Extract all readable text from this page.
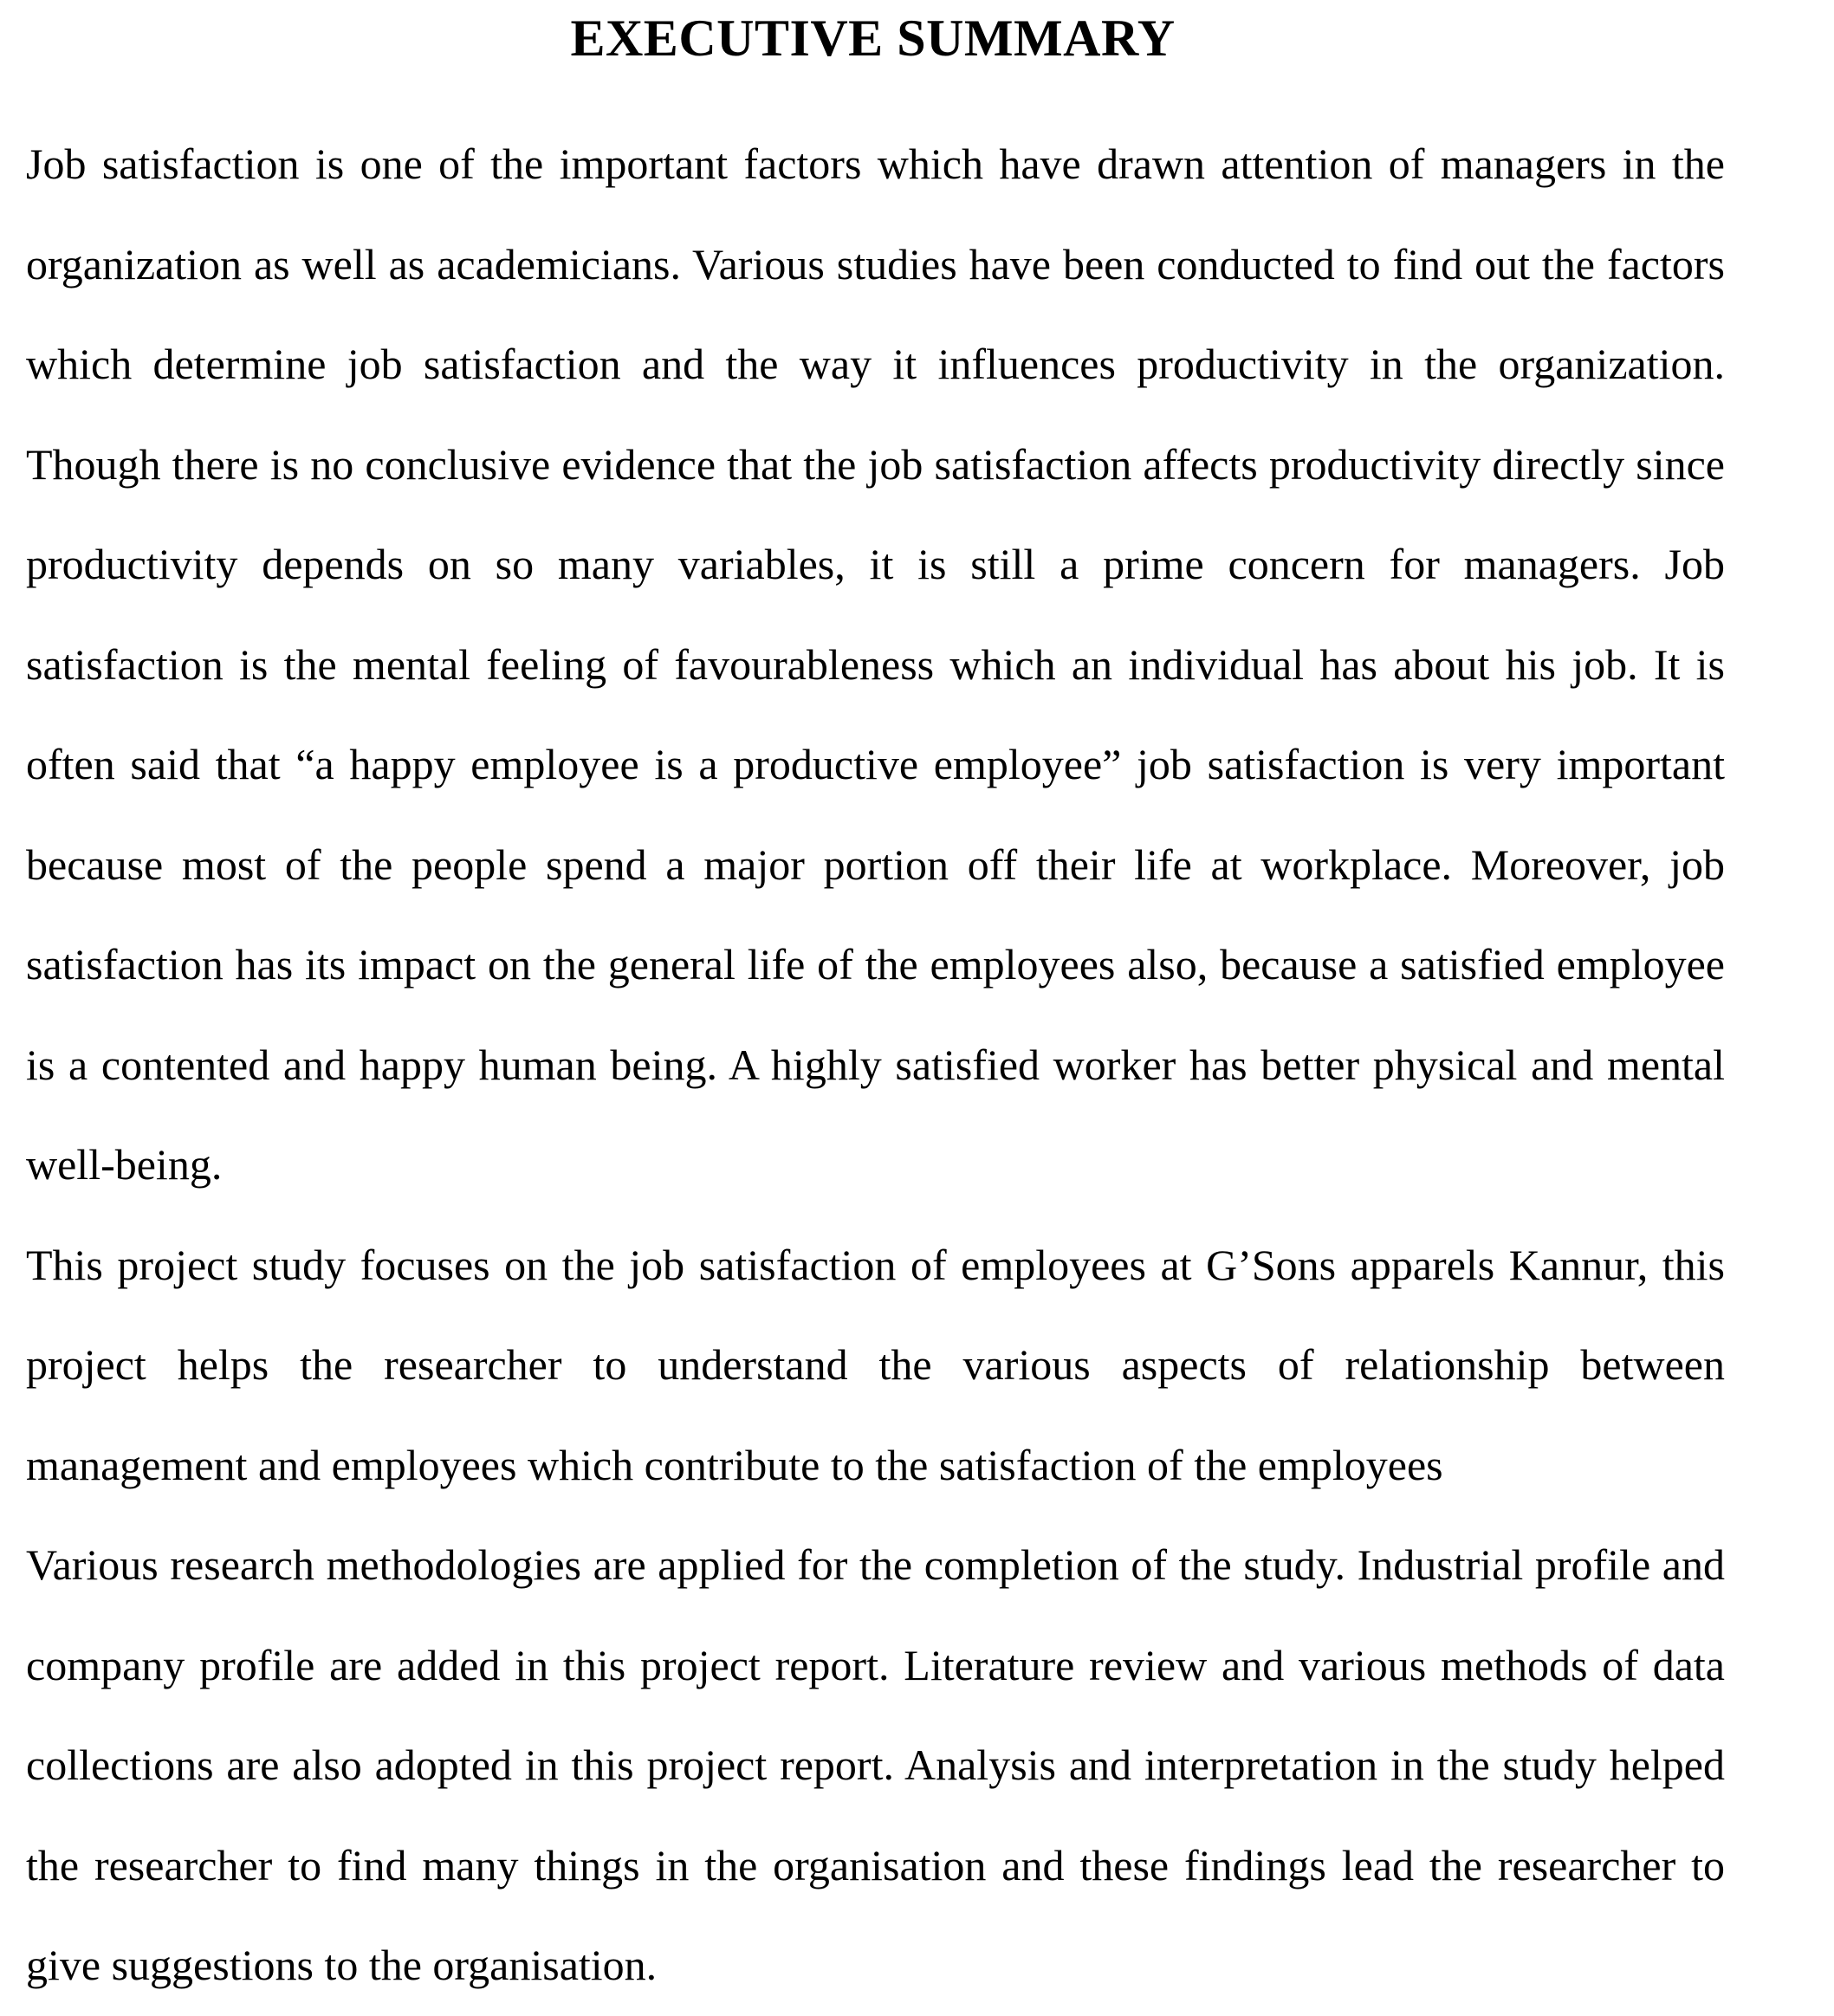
EXECUTIVE SUMMARY

Job satisfaction is one of the important factors which have drawn attention of managers in the organization as well as academicians. Various studies have been conducted to find out the factors which determine job satisfaction and the way it influences productivity in the organization. Though there is no conclusive evidence that the job satisfaction affects productivity directly since productivity depends on so many variables, it is still a prime concern for managers. Job satisfaction is the mental feeling of favourableness which an individual has about his job. It is often said that “a happy employee is a productive employee” job satisfaction is very important because most of the people spend a major portion off their life at workplace. Moreover, job satisfaction has its impact on the general life of the employees also, because a satisfied employee is a contented and happy human being. A highly satisfied worker has better physical and mental well-being.

This project study focuses on the job satisfaction of employees at G’Sons apparels Kannur, this project helps the researcher to understand the various aspects of relationship between management and employees which contribute to the satisfaction of the employees

Various research methodologies are applied for the completion of the study. Industrial profile and company profile are added in this project report. Literature review and various methods of data collections are also adopted in this project report. Analysis and interpretation in the study helped the researcher to find many things in the organisation and these findings lead the researcher to give suggestions to the organisation.
